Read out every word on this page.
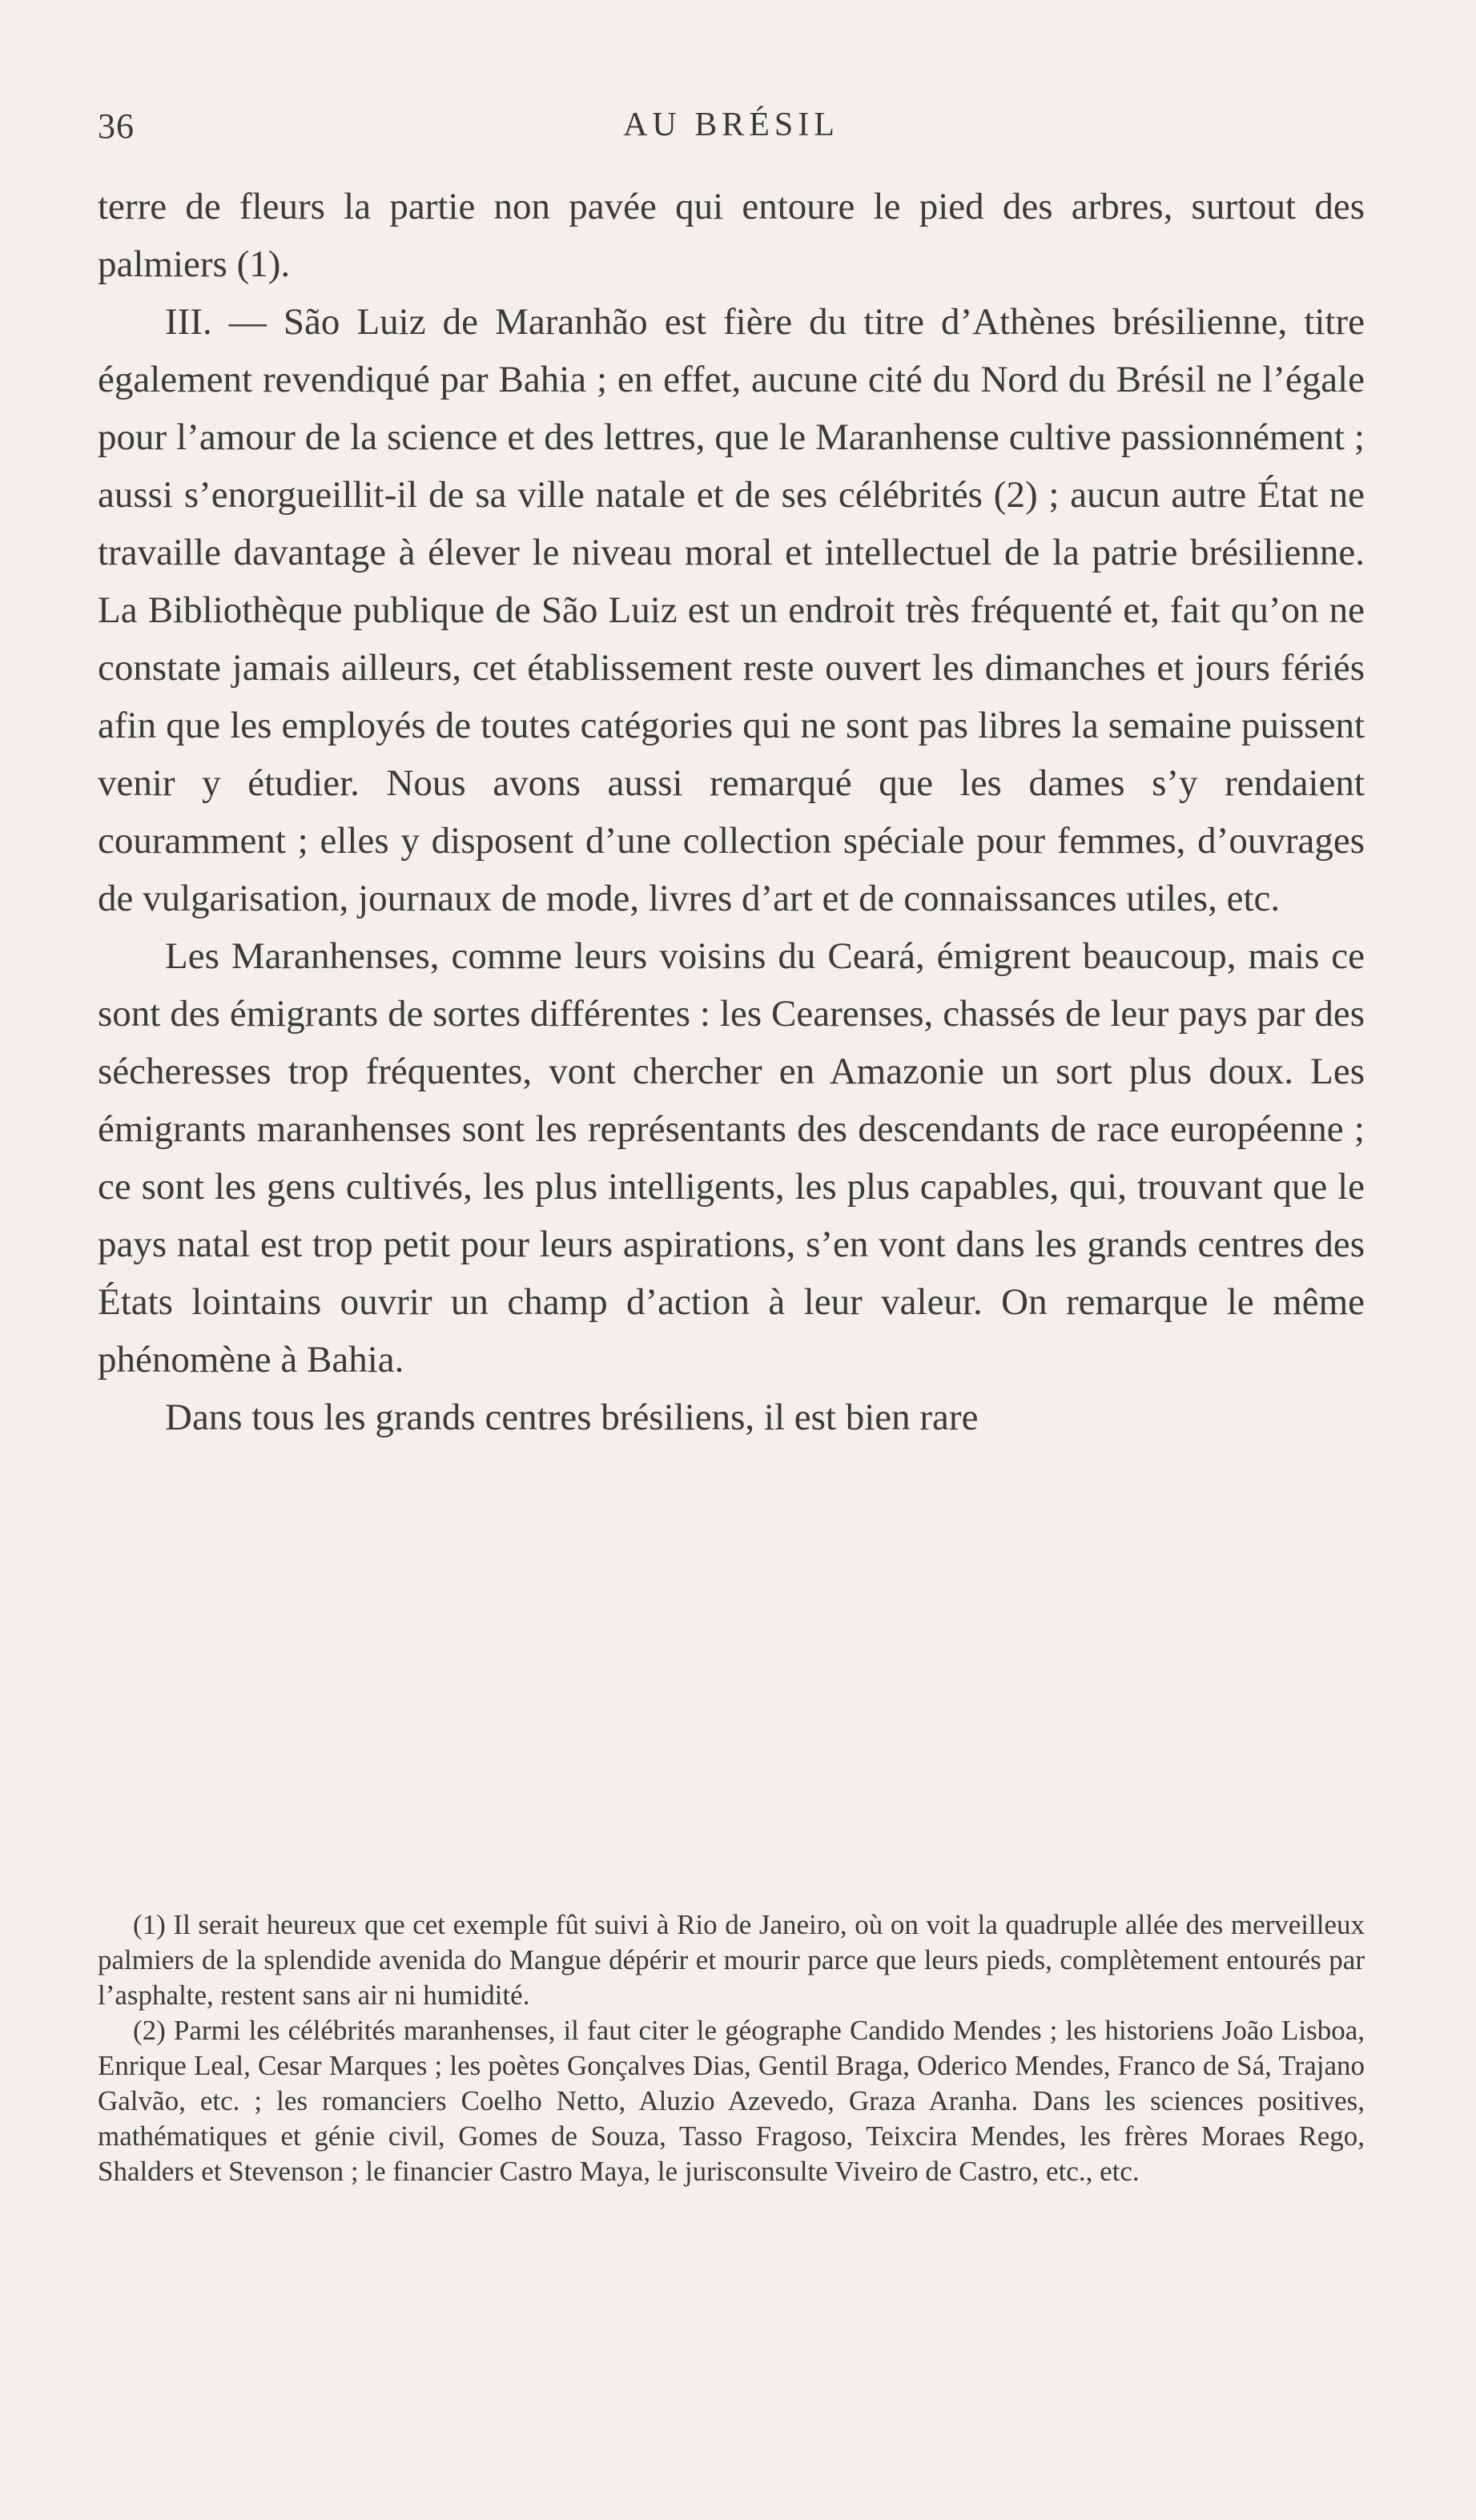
36	AU BRÉSIL

terre de fleurs la partie non pavée qui entoure le pied des arbres, surtout des palmiers (1).

III. — São Luiz de Maranhão est fière du titre d’Athènes brésilienne, titre également revendiqué par Bahia ; en effet, aucune cité du Nord du Brésil ne l’égale pour l’amour de la science et des lettres, que le Maranhense cultive passionnément ; aussi s’enorgueillit-il de sa ville natale et de ses célébrités (2) ; aucun autre État ne travaille davantage à élever le niveau moral et intellectuel de la patrie brésilienne. La Bibliothèque publique de São Luiz est un endroit très fréquenté et, fait qu’on ne constate jamais ailleurs, cet établissement reste ouvert les dimanches et jours fériés afin que les employés de toutes catégories qui ne sont pas libres la semaine puissent venir y étudier. Nous avons aussi remarqué que les dames s’y rendaient couramment ; elles y disposent d’une collection spéciale pour femmes, d’ouvrages de vulgarisation, journaux de mode, livres d’art et de connaissances utiles, etc.

Les Maranhenses, comme leurs voisins du Ceará, émigrent beaucoup, mais ce sont des émigrants de sortes différentes : les Cearenses, chassés de leur pays par des sécheresses trop fréquentes, vont chercher en Amazonie un sort plus doux. Les émigrants maranhenses sont les représentants des descendants de race européenne ; ce sont les gens cultivés, les plus intelligents, les plus capables, qui, trouvant que le pays natal est trop petit pour leurs aspirations, s’en vont dans les grands centres des États lointains ouvrir un champ d’action à leur valeur. On remarque le même phénomène à Bahia.

Dans tous les grands centres brésiliens, il est bien rare

(1) Il serait heureux que cet exemple fût suivi à Rio de Janeiro, où on voit la quadruple allée des merveilleux palmiers de la splendide avenida do Mangue dépérir et mourir parce que leurs pieds, complètement entourés par l’asphalte, restent sans air ni humidité.

(2) Parmi les célébrités maranhenses, il faut citer le géographe Candido Mendes ; les historiens João Lisboa, Enrique Leal, Cesar Marques ; les poètes Gonçalves Dias, Gentil Braga, Oderico Mendes, Franco de Sá, Trajano Galvão, etc. ; les romanciers Coelho Netto, Aluzio Azevedo, Graza Aranha. Dans les sciences positives, mathématiques et génie civil, Gomes de Souza, Tasso Fragoso, Teixcira Mendes, les frères Moraes Rego, Shalders et Stevenson ; le financier Castro Maya, le jurisconsulte Viveiro de Castro, etc., etc.
